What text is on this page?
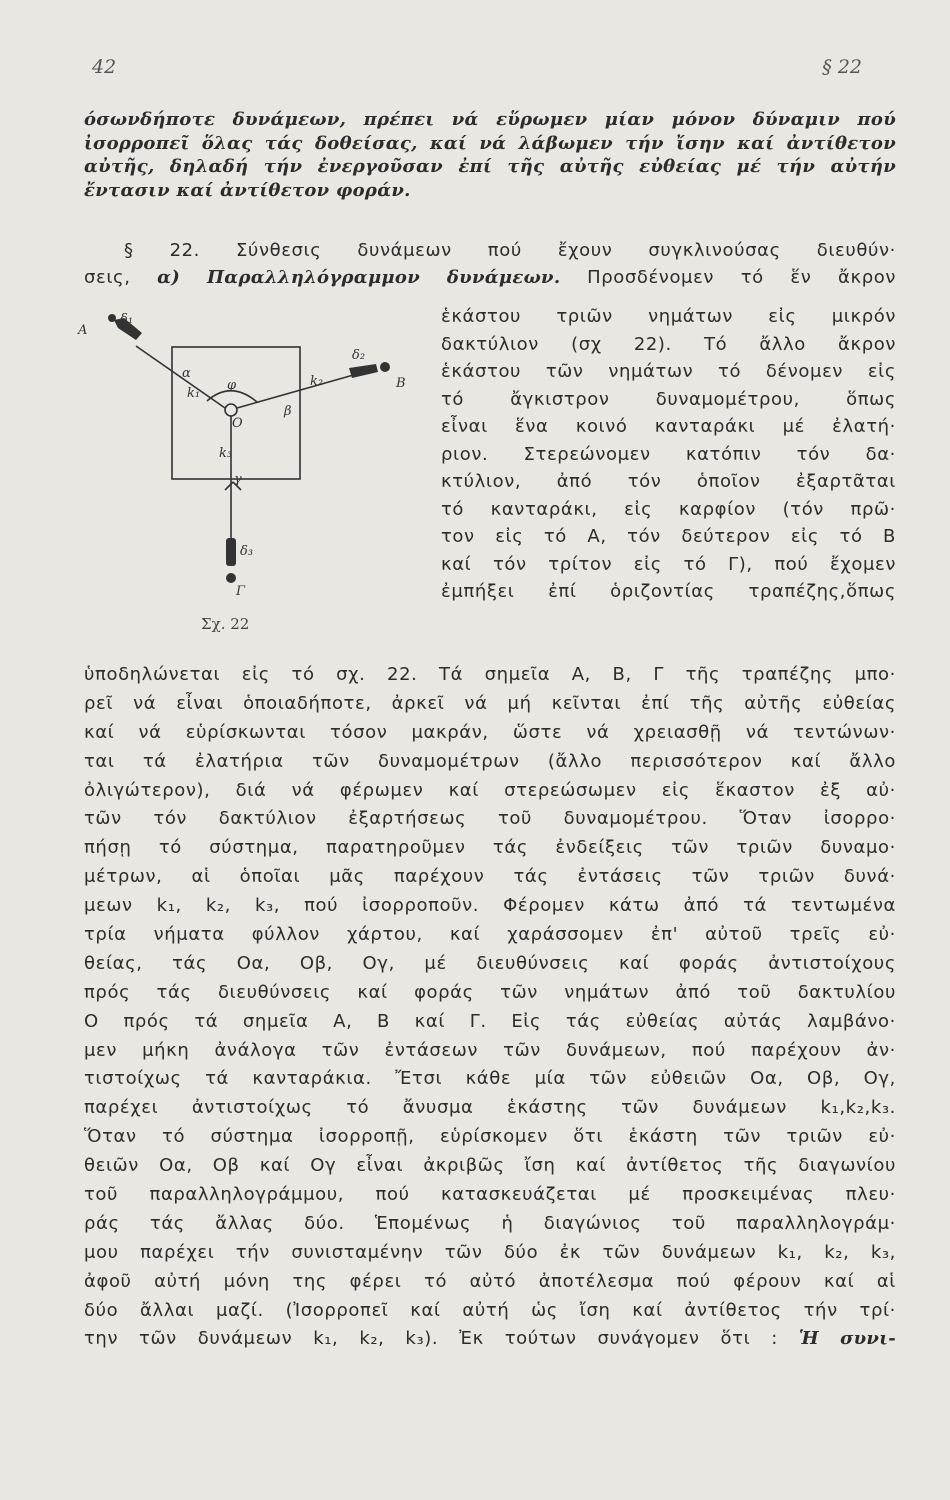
42	§ 22
όσωνδήποτε δυνάμεων, πρέπει νά εὕρωμεν μίαν μόνον δύναμιν πού
ἰσορροπεῖ ὅλας τάς δοθείσας, καί νά λάβωμεν τήν ἴσην καί ἀντίθετον
αὐτῆς, δηλαδή τήν ἐνεργοῦσαν ἐπί τῆς αὐτῆς εὐθείας μέ τήν αὐτήν
ἔντασιν καί ἀντίθετον φοράν.
§ 22. Σύνθεσις δυνάμεων πού ἔχουν συγκλινούσας διευθύν·
σεις, α) Παραλληλόγραμμον δυνάμεων. Προσδένομεν τό ἕν ἄκρον
Α
δ₁
Β
δ₂
Γ
δ₃
Ο
α
β
γ
k₁
k₂
k₃
φ
Σχ. 22
ἑκάστου τριῶν νημάτων εἰς μικρόν
δακτύλιον (σχ 22). Τό ἄλλο ἄκρον
ἑκάστου τῶν νημάτων τό δένομεν εἰς
τό ἄγκιστρον δυναμομέτρου, ὅπως
εἶναι ἕνα κοινό κανταράκι μέ ἐλατή·
ριον. Στερεώνομεν κατόπιν τόν δα·
κτύλιον, ἀπό τόν ὁποῖον ἐξαρτᾶται
τό κανταράκι, εἰς καρφίον (τόν πρῶ·
τον εἰς τό Α, τόν δεύτερον εἰς τό Β
καί τόν τρίτον εἰς τό Γ), πού ἔχομεν
ἐμπήξει ἐπί ὁριζοντίας τραπέζης,ὅπως
ὑποδηλώνεται εἰς τό σχ. 22. Τά σημεῖα Α, Β, Γ τῆς τραπέζης μπο·
ρεῖ νά εἶναι ὁποιαδήποτε, ἀρκεῖ νά μή κεῖνται ἐπί τῆς αὐτῆς εὐθείας
καί νά εὑρίσκωνται τόσον μακράν, ὥστε νά χρειασθῇ νά τεντώνων·
ται τά ἐλατήρια τῶν δυναμομέτρων (ἄλλο περισσότερον καί ἄλλο
ὀλιγώτερον), διά νά φέρωμεν καί στερεώσωμεν εἰς ἕκαστον ἐξ αὐ·
τῶν τόν δακτύλιον ἐξαρτήσεως τοῦ δυναμομέτρου. Ὅταν ἰσορρο·
πήσῃ τό σύστημα, παρατηροῦμεν τάς ἐνδείξεις τῶν τριῶν δυναμο·
μέτρων, αἱ ὁποῖαι μᾶς παρέχουν τάς ἐντάσεις τῶν τριῶν δυνά·
μεων k₁, k₂, k₃, πού ἰσορροποῦν. Φέρομεν κάτω ἀπό τά τεντωμένα
τρία νήματα φύλλον χάρτου, καί χαράσσομεν ἐπ' αὐτοῦ τρεῖς εὐ·
θείας, τάς Οα, Οβ, Ογ, μέ διευθύνσεις καί φοράς ἀντιστοίχους
πρός τάς διευθύνσεις καί φοράς τῶν νημάτων ἀπό τοῦ δακτυλίου
Ο πρός τά σημεῖα Α, Β καί Γ. Εἰς τάς εὐθείας αὐτάς λαμβάνο·
μεν μήκη ἀνάλογα τῶν ἐντάσεων τῶν δυνάμεων, πού παρέχουν ἀν·
τιστοίχως τά κανταράκια. Ἔτσι κάθε μία τῶν εὐθειῶν Οα, Οβ, Ογ,
παρέχει ἀντιστοίχως τό ἄνυσμα ἑκάστης τῶν δυνάμεων k₁,k₂,k₃.
Ὅταν τό σύστημα ἰσορροπῇ, εὑρίσκομεν ὅτι ἑκάστη τῶν τριῶν εὐ·
θειῶν Οα, Οβ καί Ογ εἶναι ἀκριβῶς ἴση καί ἀντίθετος τῆς διαγωνίου
τοῦ παραλληλογράμμου, πού κατασκευάζεται μέ προσκειμένας πλευ·
ράς τάς ἄλλας δύο. Ἑπομένως ἡ διαγώνιος τοῦ παραλληλογράμ·
μου παρέχει τήν συνισταμένην τῶν δύο ἐκ τῶν δυνάμεων k₁, k₂, k₃,
ἀφοῦ αὐτή μόνη της φέρει τό αὐτό ἀποτέλεσμα πού φέρουν καί αἱ
δύο ἄλλαι μαζί. (Ἰσορροπεῖ καί αὐτή ὡς ἴση καί ἀντίθετος τήν τρί·
την τῶν δυνάμεων k₁, k₂, k₃). Ἐκ τούτων συνάγομεν ὅτι : Ἡ συνι-
